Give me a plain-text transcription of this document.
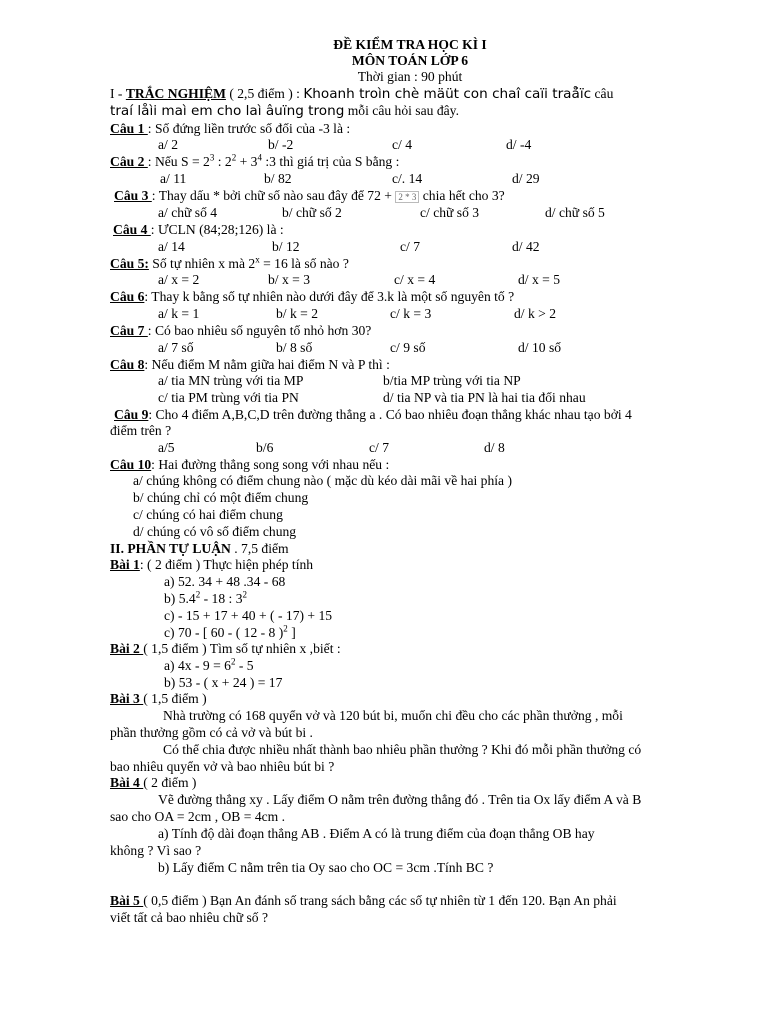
ĐỀ KIỂM TRA HỌC KÌ I
MÔN TOÁN LỚP 6
Thời gian : 90 phút
I - TRẮC NGHIỆM ( 2,5 điểm ) : Khoanh troìn chè mäüt con chaî caïi traå̉ïc câu
traí låìi maì em cho laì âuïng trong mỗi câu hỏi sau đây.
Câu 1 : Số đứng liền trước số đối của -3 là :
a/ 2	b/ -2	c/ 4	d/ -4
Câu 2 : Nếu $S = 2^3$ : $2^2 + 3^4$ :3 thì giá trị của S bằng :
a/ 11	b/ 82	c/. 14	d/ 29
Câu 3 : Thay dấu * bởi chữ số nào sau đây để 72 + 2 * 3 chia hết cho 3?
a/ chữ số 4	b/ chữ số 2	c/ chữ số 3	d/ chữ số 5
Câu 4 : ƯCLN (84;28;126) là :
a/ 14	b/ 12	c/ 7	d/ 42
Câu 5: Số tự nhiên x mà $2^x = 16$ là số nào ?
a/ x = 2	b/ x = 3	c/ x = 4	d/ x = 5
Câu 6: Thay k bằng số tự nhiên nào dưới đây để 3.k là một số nguyên tố ?
a/ k = 1	b/ k = 2	c/ k = 3	d/ k > 2
Câu 7 : Có bao nhiêu số nguyên tố nhỏ hơn 30?
a/ 7 số	b/ 8 số	c/ 9 số	d/ 10 số
Câu 8: Nếu điểm M nằm giữa hai điểm N và P thì :
a/ tia MN trùng với tia MP	b/tia MP trùng với tia NP
c/ tia PM trùng với tia PN	d/ tia NP và tia PN là hai tia đối nhau
Câu 9: Cho 4 điểm A,B,C,D trên đường thẳng a . Có bao nhiêu đoạn thẳng khác nhau tạo bởi 4
điểm trên ?
a/5	b/6	c/ 7	d/ 8
Câu 10: Hai đường thẳng song song với nhau nếu :
a/ chúng không có điểm chung nào ( mặc dù kéo dài mãi về hai phía )
b/ chúng chỉ có một điểm chung
c/ chúng có hai điểm chung
d/ chúng có vô số điểm chung
II. PHẦN TỰ LUẬN . 7,5 điểm
Bài 1: ( 2 điểm ) Thực hiện phép tính
a) 52. 34 + 48 .34 - 68
b) $5.4^2 - 18$ : $3^2$
c) - 15 + 17 + 40 + ( - 17) + 15
c) 70 - [ 60 - ( 12 - 8 )$^2$ ]
Bài 2 ( 1,5 điểm ) Tìm số tự nhiên x ,biết :
a) $4x - 9 = 6^2 - 5$
b) 53 - ( x + 24 ) = 17
Bài 3 ( 1,5 điểm )
Nhà trường có 168 quyển vở và 120 bút bi, muốn chi đều cho các phần thưởng , mỗi
phần thưởng gồm có cả vở và bút bi .
Có thể chia được nhiều nhất thành bao nhiêu phần thưởng ? Khi đó mỗi phần thưởng có
bao nhiêu quyển vở và bao nhiêu bút bi ?
Bài 4 ( 2 điểm )
Vẽ đường thẳng xy . Lấy điểm O nằm trên đường thẳng đó . Trên tia Ox lấy điểm A và B
sao cho OA = 2cm , OB = 4cm .
a) Tính độ dài đoạn thẳng AB . Điểm A có là trung điểm của đoạn thẳng OB hay
không ? Vì sao ?
b) Lấy điểm C nằm trên tia Oy sao cho OC = 3cm .Tính BC ?
Bài 5 ( 0,5 điểm ) Bạn An đánh số trang sách bằng các số tự nhiên từ 1 đến 120. Bạn An phải
viết tất cả bao nhiêu chữ số ?
